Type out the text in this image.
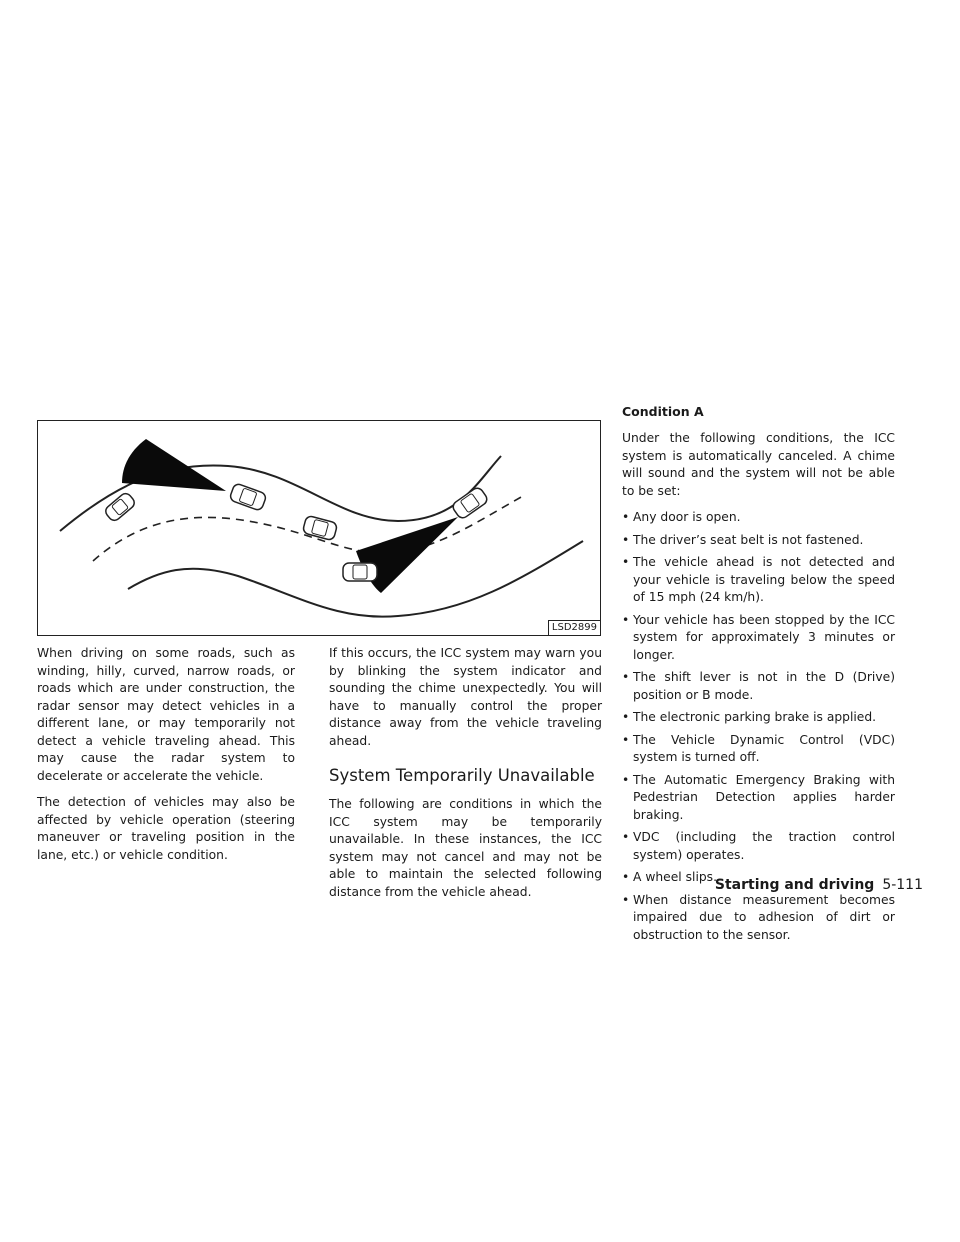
LSD2899

When driving on some roads, such as winding, hilly, curved, narrow roads, or roads which are under construction, the radar sensor may detect vehicles in a different lane, or may temporarily not detect a vehicle traveling ahead. This may cause the radar system to decelerate or accelerate the vehicle.

The detection of vehicles may also be affected by vehicle operation (steering maneuver or traveling position in the lane, etc.) or vehicle condition.

If this occurs, the ICC system may warn you by blinking the system indicator and sounding the chime unexpectedly. You will have to manually control the proper distance away from the vehicle traveling ahead.

System Temporarily Unavailable

The following are conditions in which the ICC system may be temporarily unavailable. In these instances, the ICC system may not cancel and may not be able to maintain the selected following distance from the vehicle ahead.

Condition A

Under the following conditions, the ICC system is automatically canceled. A chime will sound and the system will not be able to be set:

• Any door is open.
• The driver’s seat belt is not fastened.
• The vehicle ahead is not detected and your vehicle is traveling below the speed of 15 mph (24 km/h).
• Your vehicle has been stopped by the ICC system for approximately 3 minutes or longer.
• The shift lever is not in the D (Drive) position or B mode.
• The electronic parking brake is applied.
• The Vehicle Dynamic Control (VDC) system is turned off.
• The Automatic Emergency Braking with Pedestrian Detection applies harder braking.
• VDC (including the traction control system) operates.
• A wheel slips.
• When distance measurement becomes impaired due to adhesion of dirt or obstruction to the sensor.
Starting and driving 5-111
